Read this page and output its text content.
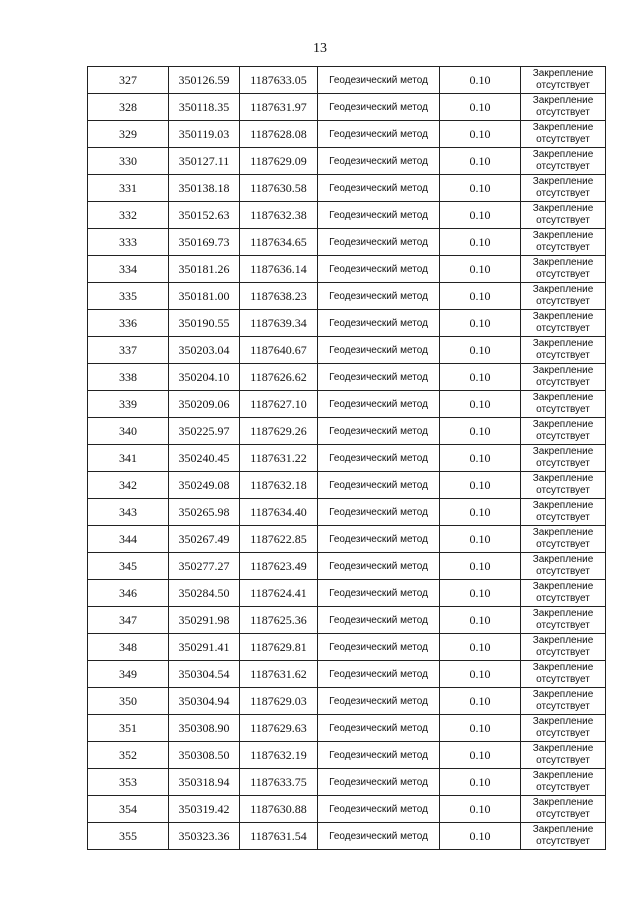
13
327	350126.59	1187633.05	Геодезический метод	0.10	Закрепление
отсутствует

328	350118.35	1187631.97	Геодезический метод	0.10	Закрепление
отсутствует

329	350119.03	1187628.08	Геодезический метод	0.10	Закрепление
отсутствует

330	350127.11	1187629.09	Геодезический метод	0.10	Закрепление
отсутствует

331	350138.18	1187630.58	Геодезический метод	0.10	Закрепление
отсутствует

332	350152.63	1187632.38	Геодезический метод	0.10	Закрепление
отсутствует

333	350169.73	1187634.65	Геодезический метод	0.10	Закрепление
отсутствует

334	350181.26	1187636.14	Геодезический метод	0.10	Закрепление
отсутствует

335	350181.00	1187638.23	Геодезический метод	0.10	Закрепление
отсутствует

336	350190.55	1187639.34	Геодезический метод	0.10	Закрепление
отсутствует

337	350203.04	1187640.67	Геодезический метод	0.10	Закрепление
отсутствует

338	350204.10	1187626.62	Геодезический метод	0.10	Закрепление
отсутствует

339	350209.06	1187627.10	Геодезический метод	0.10	Закрепление
отсутствует

340	350225.97	1187629.26	Геодезический метод	0.10	Закрепление
отсутствует

341	350240.45	1187631.22	Геодезический метод	0.10	Закрепление
отсутствует

342	350249.08	1187632.18	Геодезический метод	0.10	Закрепление
отсутствует

343	350265.98	1187634.40	Геодезический метод	0.10	Закрепление
отсутствует

344	350267.49	1187622.85	Геодезический метод	0.10	Закрепление
отсутствует

345	350277.27	1187623.49	Геодезический метод	0.10	Закрепление
отсутствует

346	350284.50	1187624.41	Геодезический метод	0.10	Закрепление
отсутствует

347	350291.98	1187625.36	Геодезический метод	0.10	Закрепление
отсутствует

348	350291.41	1187629.81	Геодезический метод	0.10	Закрепление
отсутствует

349	350304.54	1187631.62	Геодезический метод	0.10	Закрепление
отсутствует

350	350304.94	1187629.03	Геодезический метод	0.10	Закрепление
отсутствует

351	350308.90	1187629.63	Геодезический метод	0.10	Закрепление
отсутствует

352	350308.50	1187632.19	Геодезический метод	0.10	Закрепление
отсутствует

353	350318.94	1187633.75	Геодезический метод	0.10	Закрепление
отсутствует

354	350319.42	1187630.88	Геодезический метод	0.10	Закрепление
отсутствует

355	350323.36	1187631.54	Геодезический метод	0.10	Закрепление
отсутствует
